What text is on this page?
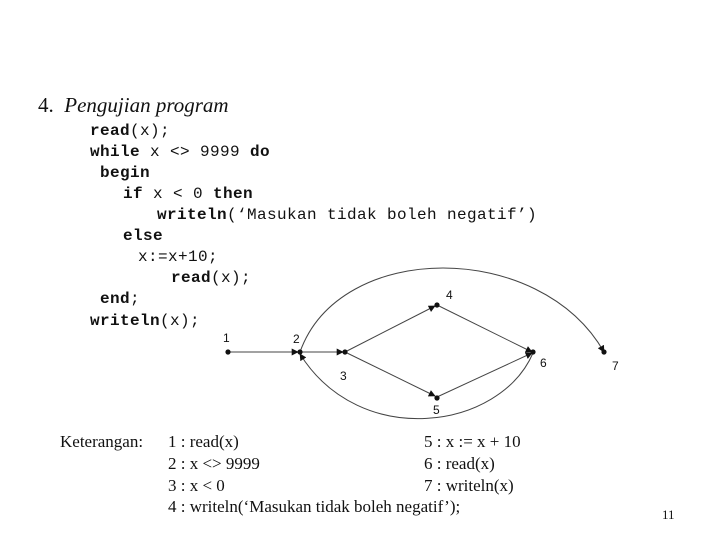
4. Pengujian program

read(x);

while x <> 9999 do

begin

if x < 0 then

writeln(‘Masukan tidak boleh negatif’)

else

x:=x+10;

read(x);

end;

writeln(x);

1	2
3
4
5
6	7
Keterangan: 1 : read(x)
2 : x <> 9999
3 : x < 0
4 : writeln(‘Masukan tidak boleh negatif’);
5 : x := x + 10
6 : read(x)
7 : writeln(x)
11
